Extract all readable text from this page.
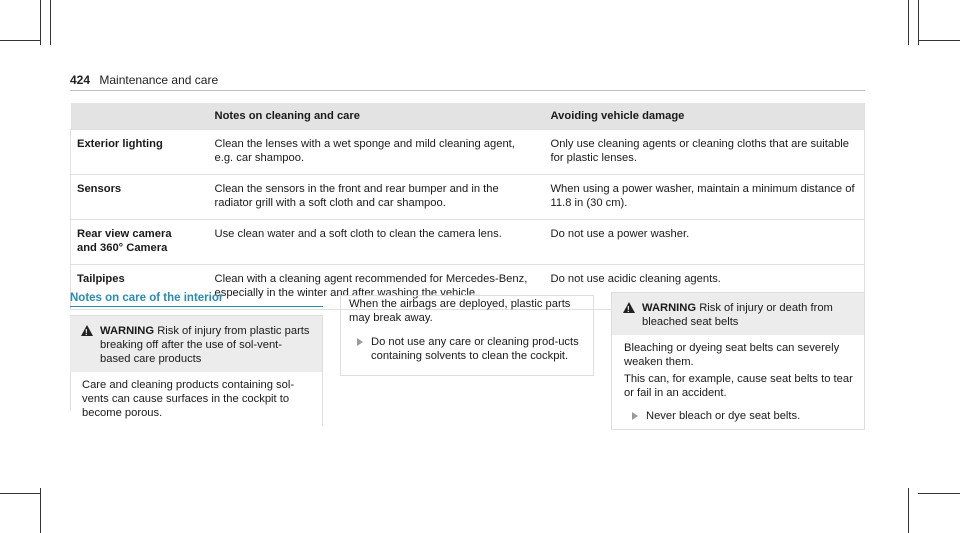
424 Maintenance and care
	Notes on cleaning and care	Avoiding vehicle damage
Exterior lighting	Clean the lenses with a wet sponge and mild cleaning agent, e.g. car shampoo.	Only use cleaning agents or cleaning cloths that are suitable for plastic lenses.
Sensors	Clean the sensors in the front and rear bumper and in the radiator grill with a soft cloth and car shampoo.	When using a power washer, maintain a minimum distance of 11.8 in (30 cm).
Rear view camera
and 360° Camera	Use clean water and a soft cloth to clean the camera lens.	Do not use a power washer.
Tailpipes	Clean with a cleaning agent recommended for Mercedes-Benz, especially in the winter and after washing the vehicle.	Do not use acidic cleaning agents.
Notes on care of the interior
!
WARNING Risk of injury from plastic parts breaking off after the use of sol-vent-based care products
Care and cleaning products containing sol-vents can cause surfaces in the cockpit to become porous.

When the airbags are deployed, plastic parts may break away.

Do not use any care or cleaning prod-ucts containing solvents to clean the cockpit.
!
WARNING Risk of injury or death from bleached seat belts

Bleaching or dyeing seat belts can severely weaken them.

This can, for example, cause seat belts to tear or fail in an accident.

Never bleach or dye seat belts.
